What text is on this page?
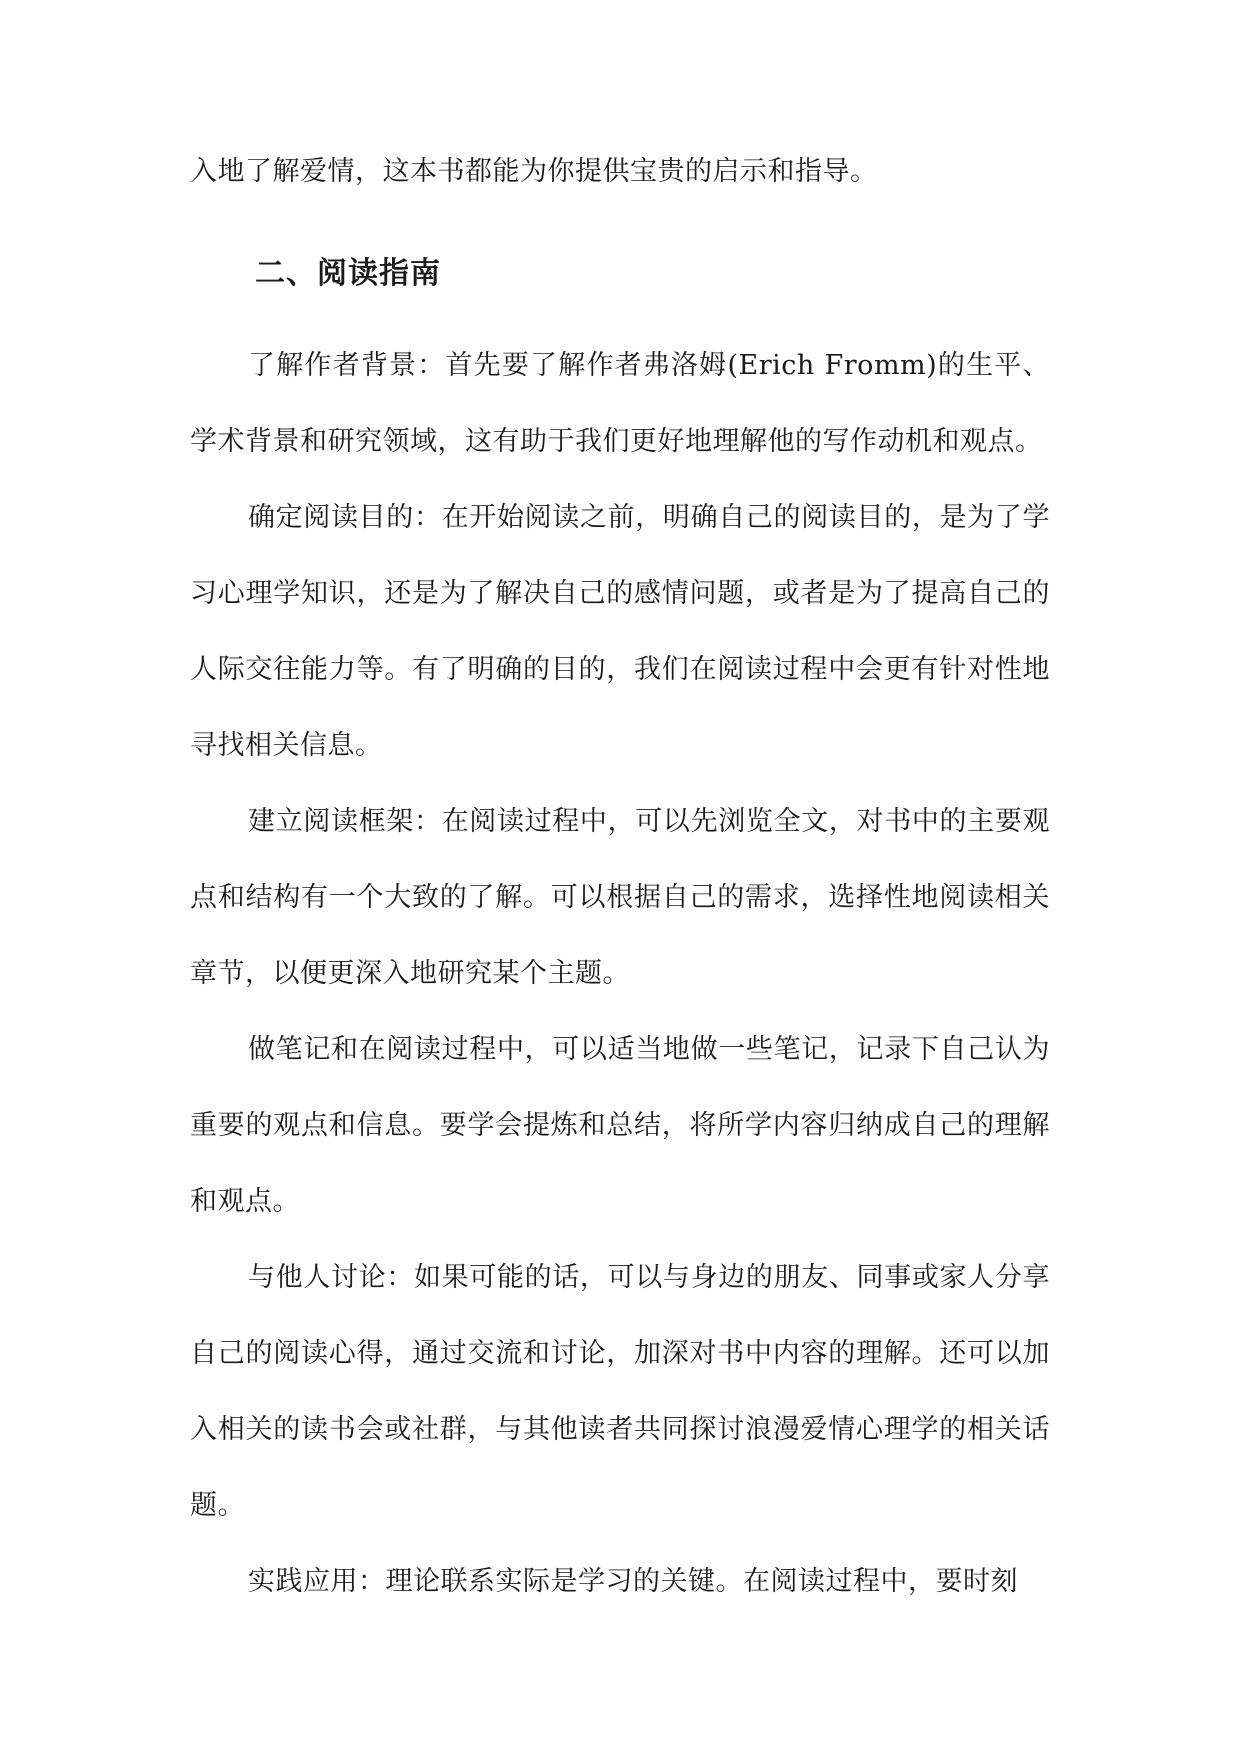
入地了解爱情，这本书都能为你提供宝贵的启示和指导。

二、阅读指南

了解作者背景：首先要了解作者弗洛姆(Erich Fromm)的生平、学术背景和研究领域，这有助于我们更好地理解他的写作动机和观点。

确定阅读目的：在开始阅读之前，明确自己的阅读目的，是为了学习心理学知识，还是为了解决自己的感情问题，或者是为了提高自己的人际交往能力等。有了明确的目的，我们在阅读过程中会更有针对性地寻找相关信息。

建立阅读框架：在阅读过程中，可以先浏览全文，对书中的主要观点和结构有一个大致的了解。可以根据自己的需求，选择性地阅读相关章节，以便更深入地研究某个主题。

做笔记和在阅读过程中，可以适当地做一些笔记，记录下自己认为重要的观点和信息。要学会提炼和总结，将所学内容归纳成自己的理解和观点。

与他人讨论：如果可能的话，可以与身边的朋友、同事或家人分享自己的阅读心得，通过交流和讨论，加深对书中内容的理解。还可以加入相关的读书会或社群，与其他读者共同探讨浪漫爱情心理学的相关话题。

实践应用：理论联系实际是学习的关键。在阅读过程中，要时刻
